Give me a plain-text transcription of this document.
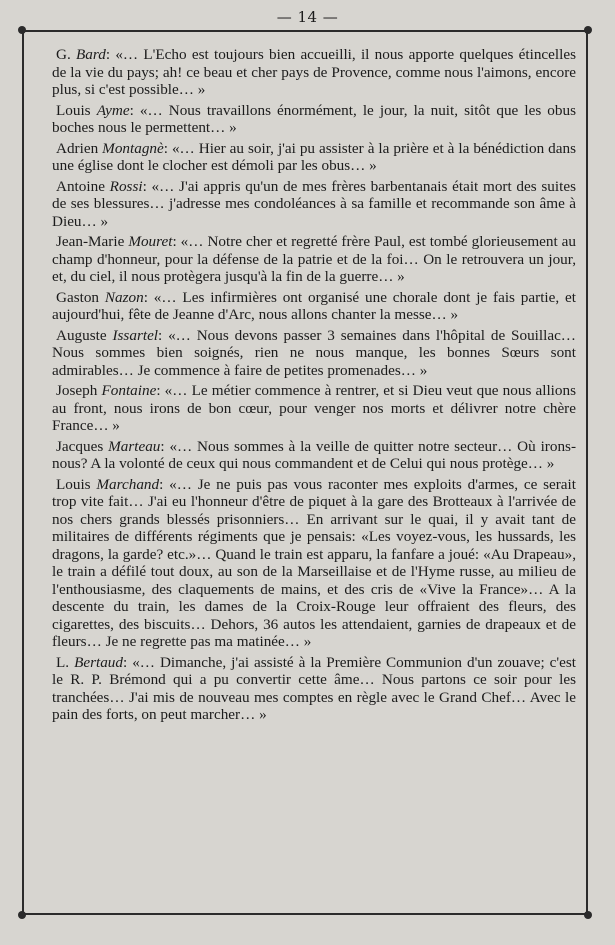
— 14 —

G. Bard: «… L'Echo est toujours bien accueilli, il nous apporte quelques étincelles de la vie du pays; ah! ce beau et cher pays de Provence, comme nous l'aimons, encore plus, si c'est possible… »

Louis Ayme: «… Nous travaillons énormément, le jour, la nuit, sitôt que les obus boches nous le permettent… »

Adrien Montagnè: «… Hier au soir, j'ai pu assister à la prière et à la bénédiction dans une église dont le clocher est démoli par les obus… »

Antoine Rossi: «… J'ai appris qu'un de mes frères barbentanais était mort des suites de ses blessures… j'adresse mes condoléances à sa famille et recommande son âme à Dieu… »

Jean-Marie Mouret: «… Notre cher et regretté frère Paul, est tombé glorieusement au champ d'honneur, pour la défense de la patrie et de la foi… On le retrouvera un jour, et, du ciel, il nous protègera jusqu'à la fin de la guerre… »

Gaston Nazon: «… Les infirmières ont organisé une chorale dont je fais partie, et aujourd'hui, fête de Jeanne d'Arc, nous allons chanter la messe… »

Auguste Issartel: «… Nous devons passer 3 semaines dans l'hôpital de Souillac… Nous sommes bien soignés, rien ne nous manque, les bonnes Sœurs sont admirables… Je commence à faire de petites promenades… »

Joseph Fontaine: «… Le métier commence à rentrer, et si Dieu veut que nous allions au front, nous irons de bon cœur, pour venger nos morts et délivrer notre chère France… »

Jacques Marteau: «… Nous sommes à la veille de quitter notre secteur… Où irons-nous? A la volonté de ceux qui nous commandent et de Celui qui nous protège… »

Louis Marchand: «… Je ne puis pas vous raconter mes exploits d'armes, ce serait trop vite fait… J'ai eu l'honneur d'être de piquet à la gare des Brotteaux à l'arrivée de nos chers grands blessés prisonniers… En arrivant sur le quai, il y avait tant de militaires de différents régiments que je pensais: «Les voyez-vous, les hussards, les dragons, la garde? etc.»… Quand le train est apparu, la fanfare a joué: «Au Drapeau», le train a défilé tout doux, au son de la Marseillaise et de l'Hyme russe, au milieu de l'enthousiasme, des claquements de mains, et des cris de «Vive la France»… A la descente du train, les dames de la Croix-Rouge leur offraient des fleurs, des cigarettes, des biscuits… Dehors, 36 autos les attendaient, garnies de drapeaux et de fleurs… Je ne regrette pas ma matinée… »

L. Bertaud: «… Dimanche, j'ai assisté à la Première Communion d'un zouave; c'est le R. P. Brémond qui a pu convertir cette âme… Nous partons ce soir pour les tranchées… J'ai mis de nouveau mes comptes en règle avec le Grand Chef… Avec le pain des forts, on peut marcher… »
